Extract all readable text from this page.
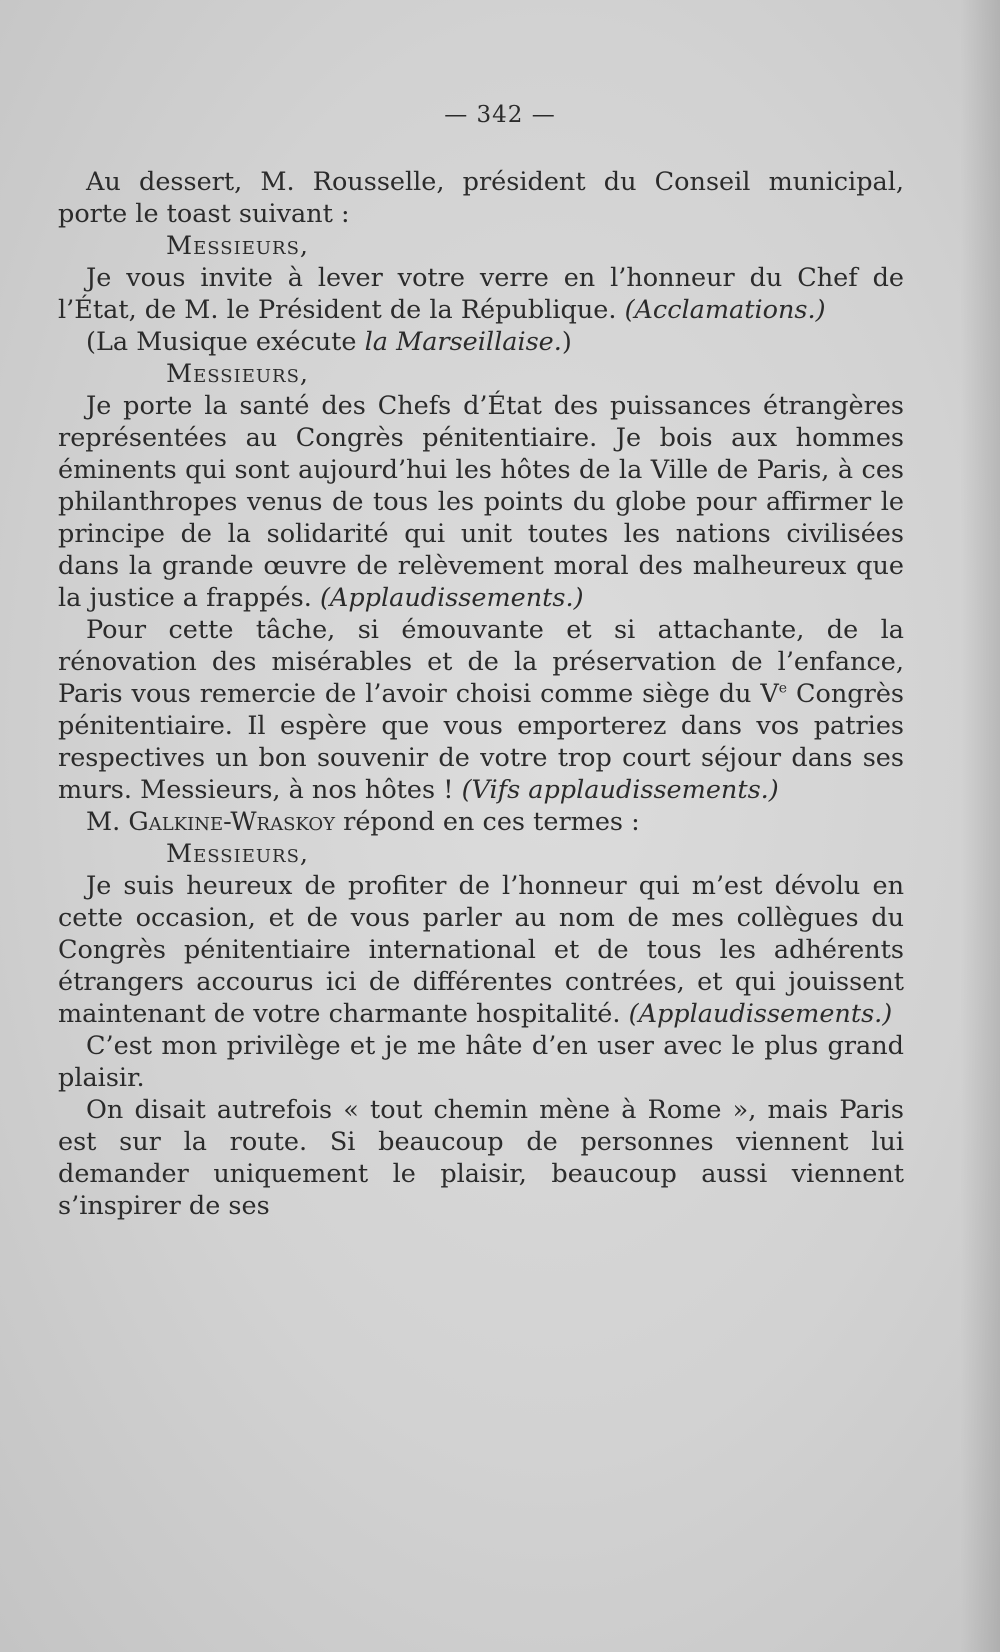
— 342 —

Au dessert, M. Rousselle, président du Conseil municipal, porte le toast suivant :

Messieurs,

Je vous invite à lever votre verre en l’honneur du Chef de l’État, de M. le Président de la République. (Acclamations.)

(La Musique exécute la Marseillaise.)

Messieurs,

Je porte la santé des Chefs d’État des puissances étrangères représentées au Congrès pénitentiaire. Je bois aux hommes éminents qui sont aujourd’hui les hôtes de la Ville de Paris, à ces philanthropes venus de tous les points du globe pour affirmer le principe de la solidarité qui unit toutes les nations civilisées dans la grande œuvre de relèvement moral des malheureux que la justice a frappés. (Applaudissements.)

Pour cette tâche, si émouvante et si attachante, de la rénovation des misérables et de la préservation de l’enfance, Paris vous remercie de l’avoir choisi comme siège du Ve Congrès pénitentiaire. Il espère que vous emporterez dans vos patries respectives un bon souvenir de votre trop court séjour dans ses murs. Messieurs, à nos hôtes ! (Vifs applaudissements.)

M. Galkine-Wraskoy répond en ces termes :

Messieurs,

Je suis heureux de profiter de l’honneur qui m’est dévolu en cette occasion, et de vous parler au nom de mes collègues du Congrès pénitentiaire international et de tous les adhérents étrangers accourus ici de différentes contrées, et qui jouissent maintenant de votre charmante hospitalité. (Applaudissements.)

C’est mon privilège et je me hâte d’en user avec le plus grand plaisir.

On disait autrefois « tout chemin mène à Rome », mais Paris est sur la route. Si beaucoup de personnes viennent lui demander uniquement le plaisir, beaucoup aussi viennent s’inspirer de ses
